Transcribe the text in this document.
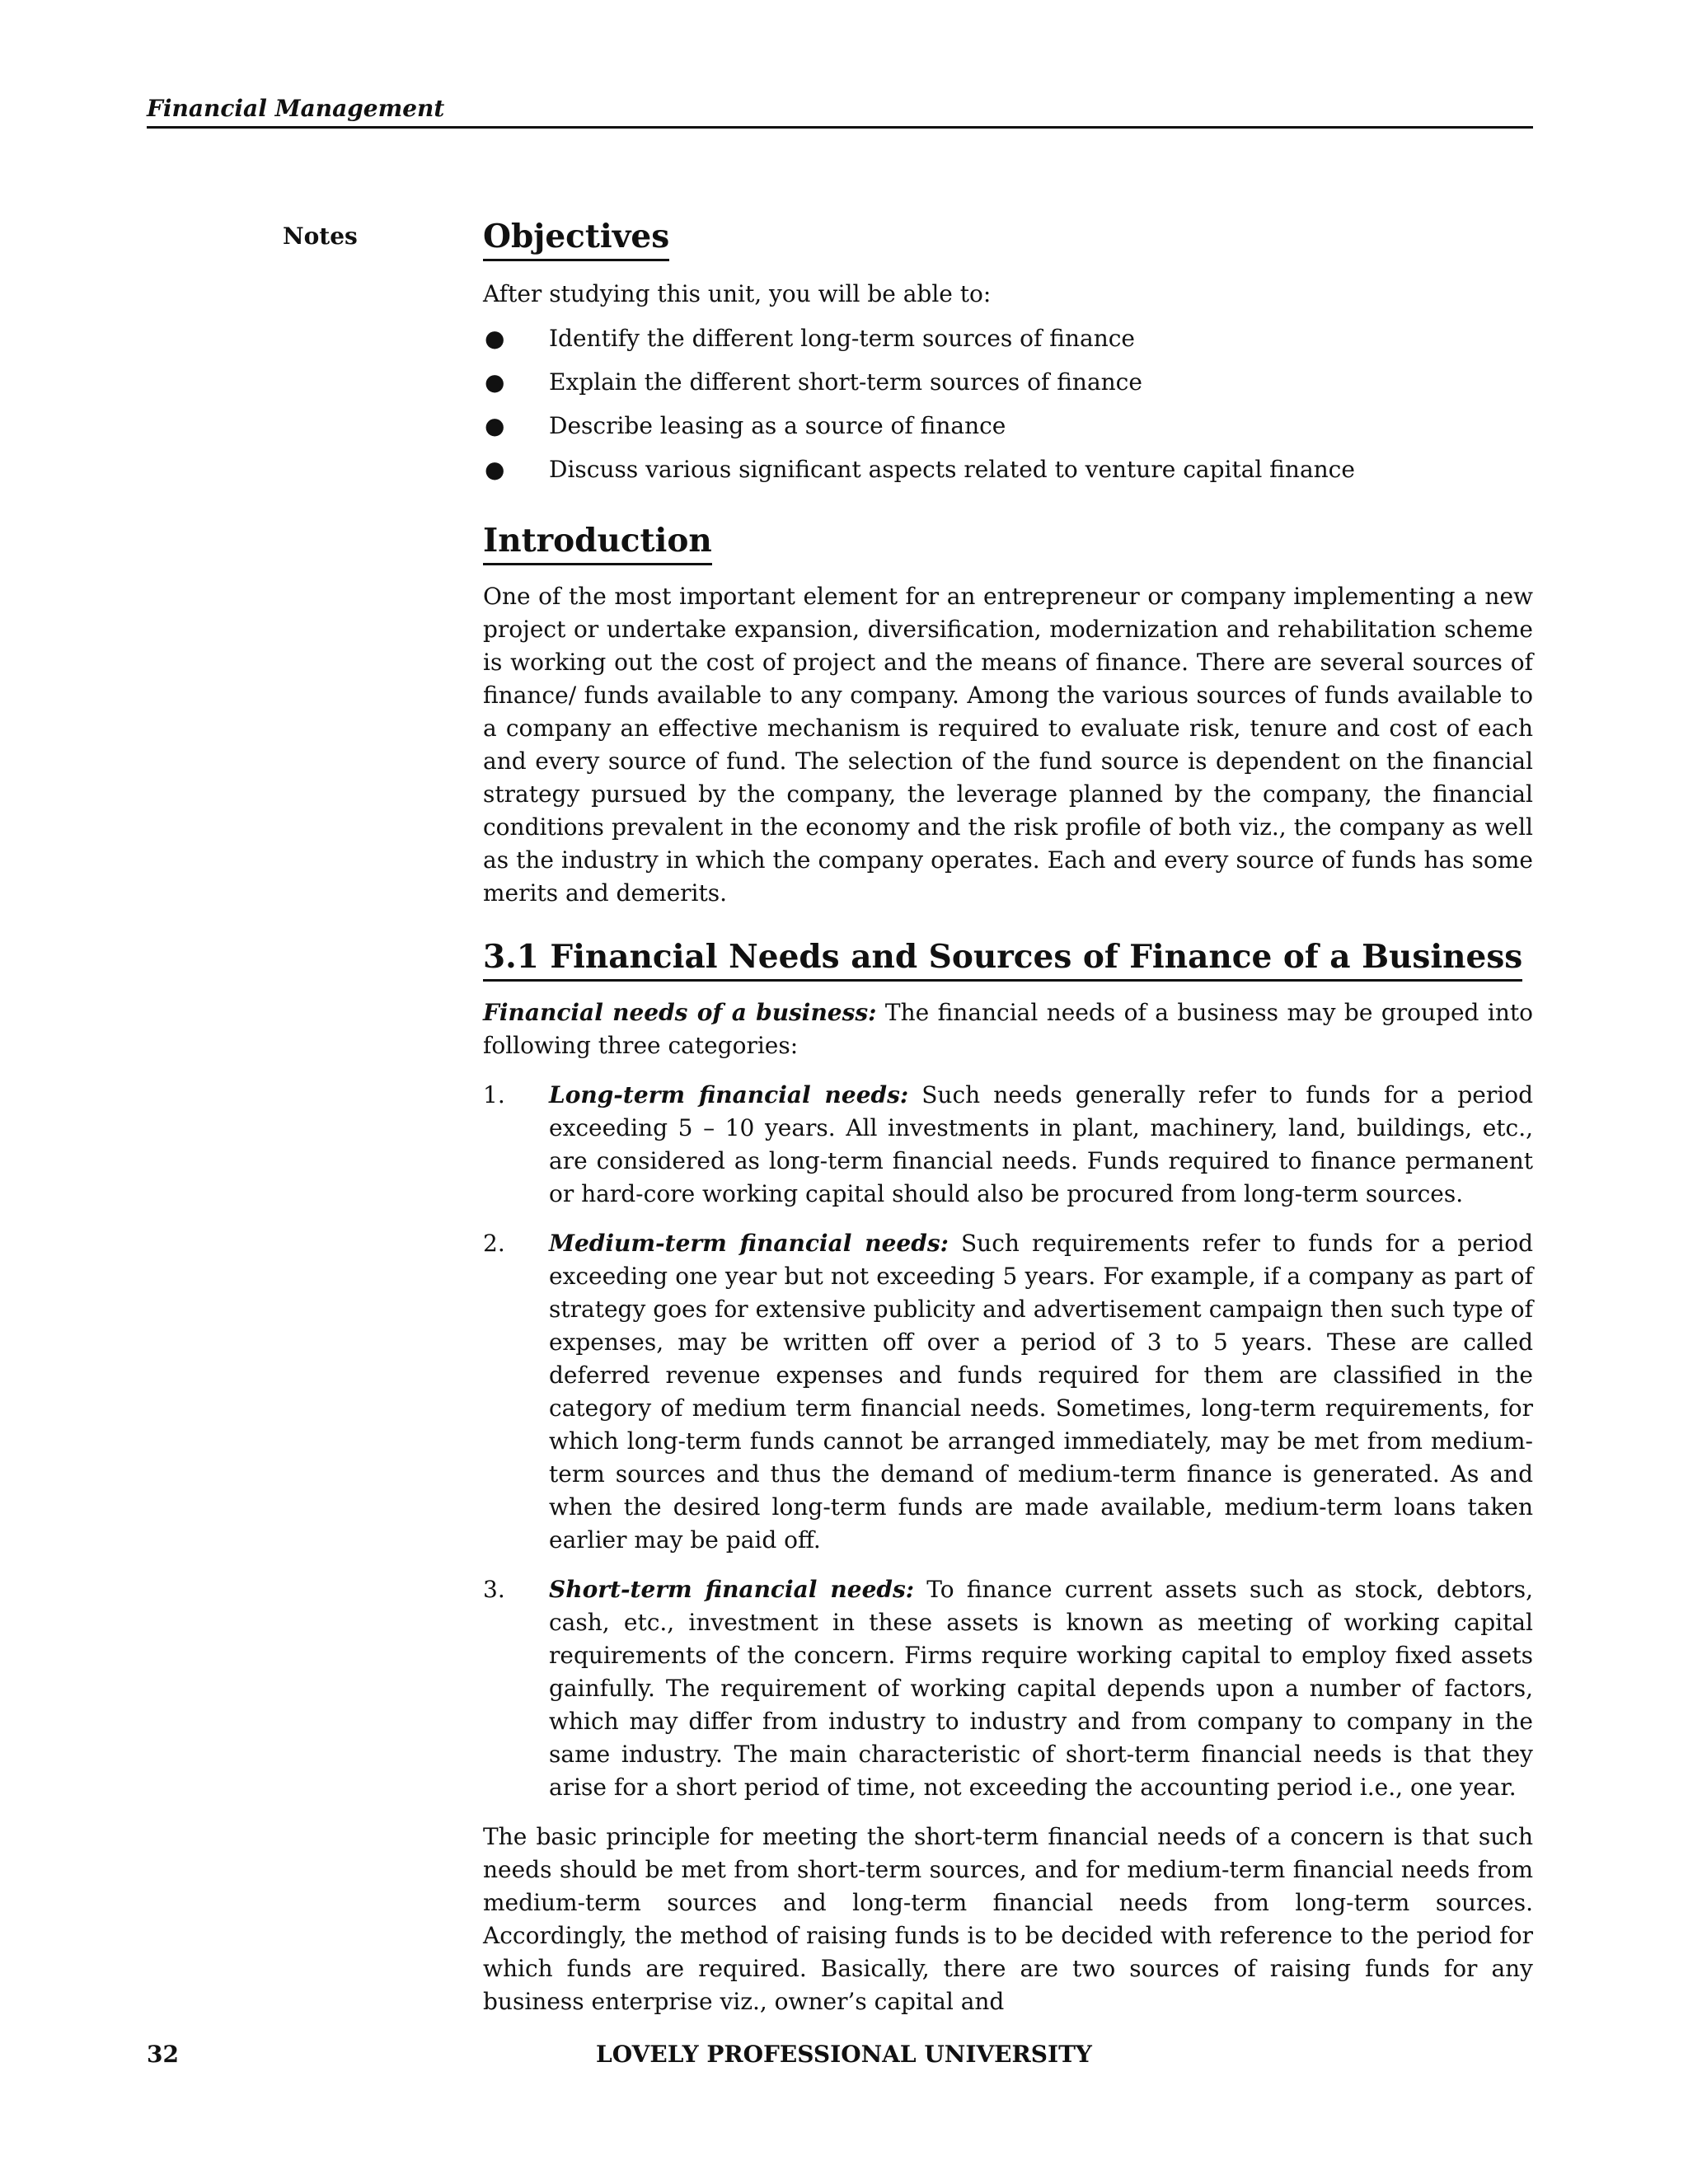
Financial Management
Notes	Objectives

After studying this unit, you will be able to:

● Identify the different long-term sources of finance
● Explain the different short-term sources of finance
● Describe leasing as a source of finance
● Discuss various significant aspects related to venture capital finance
Introduction

One of the most important element for an entrepreneur or company implementing a new project or undertake expansion, diversification, modernization and rehabilitation scheme is working out the cost of project and the means of finance. There are several sources of finance/ funds available to any company. Among the various sources of funds available to a company an effective mechanism is required to evaluate risk, tenure and cost of each and every source of fund. The selection of the fund source is dependent on the financial strategy pursued by the company, the leverage planned by the company, the financial conditions prevalent in the economy and the risk profile of both viz., the company as well as the industry in which the company operates. Each and every source of funds has some merits and demerits.

3.1 Financial Needs and Sources of Finance of a Business

Financial needs of a business: The financial needs of a business may be grouped into following three categories:

1. Long-term financial needs: Such needs generally refer to funds for a period exceeding 5 – 10 years. All investments in plant, machinery, land, buildings, etc., are considered as long-term financial needs. Funds required to finance permanent or hard-core working capital should also be procured from long-term sources.
2. Medium-term financial needs: Such requirements refer to funds for a period exceeding one year but not exceeding 5 years. For example, if a company as part of strategy goes for extensive publicity and advertisement campaign then such type of expenses, may be written off over a period of 3 to 5 years. These are called deferred revenue expenses and funds required for them are classified in the category of medium term financial needs. Sometimes, long-term requirements, for which long-term funds cannot be arranged immediately, may be met from medium-term sources and thus the demand of medium-term finance is generated. As and when the desired long-term funds are made available, medium-term loans taken earlier may be paid off.
3. Short-term financial needs: To finance current assets such as stock, debtors, cash, etc., investment in these assets is known as meeting of working capital requirements of the concern. Firms require working capital to employ fixed assets gainfully. The requirement of working capital depends upon a number of factors, which may differ from industry to industry and from company to company in the same industry. The main characteristic of short-term financial needs is that they arise for a short period of time, not exceeding the accounting period i.e., one year.

The basic principle for meeting the short-term financial needs of a concern is that such needs should be met from short-term sources, and for medium-term financial needs from medium-term sources and long-term financial needs from long-term sources. Accordingly, the method of raising funds is to be decided with reference to the period for which funds are required. Basically, there are two sources of raising funds for any business enterprise viz., owner’s capital and

32	LOVELY PROFESSIONAL UNIVERSITY
